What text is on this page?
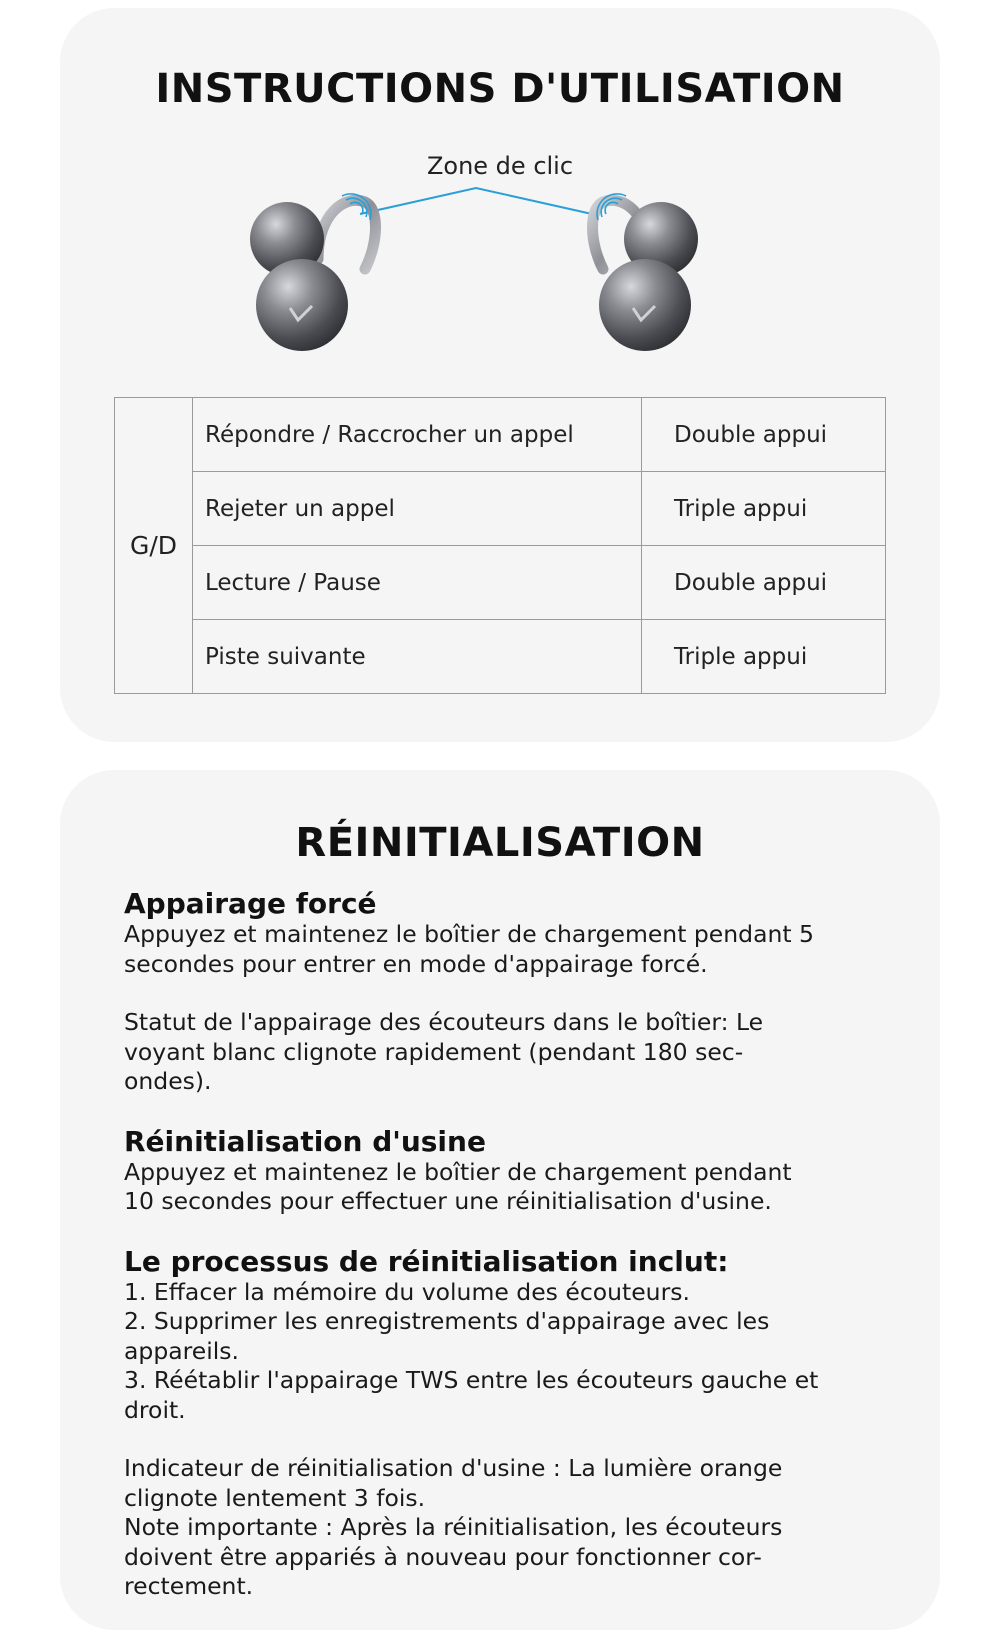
INSTRUCTIONS D'UTILISATION
Zone de clic
G/D	Répondre / Raccrocher un appel	Double appui
	Rejeter un appel	Triple appui
	Lecture / Pause	Double appui
	Piste suivante	Triple appui
RÉINITIALISATION
Appairage forcé
Appuyez et maintenez le boîtier de chargement pendant 5
secondes pour entrer en mode d'appairage forcé.
Statut de l'appairage des écouteurs dans le boîtier: Le
voyant blanc clignote rapidement (pendant 180 sec-
ondes).
Réinitialisation d'usine
Appuyez et maintenez le boîtier de chargement pendant
10 secondes pour effectuer une réinitialisation d'usine.
Le processus de réinitialisation inclut:
1. Effacer la mémoire du volume des écouteurs.
2. Supprimer les enregistrements d'appairage avec les
appareils.
3. Réétablir l'appairage TWS entre les écouteurs gauche et
droit.
Indicateur de réinitialisation d'usine : La lumière orange
clignote lentement 3 fois.
Note importante : Après la réinitialisation, les écouteurs
doivent être appariés à nouveau pour fonctionner cor-
rectement.
